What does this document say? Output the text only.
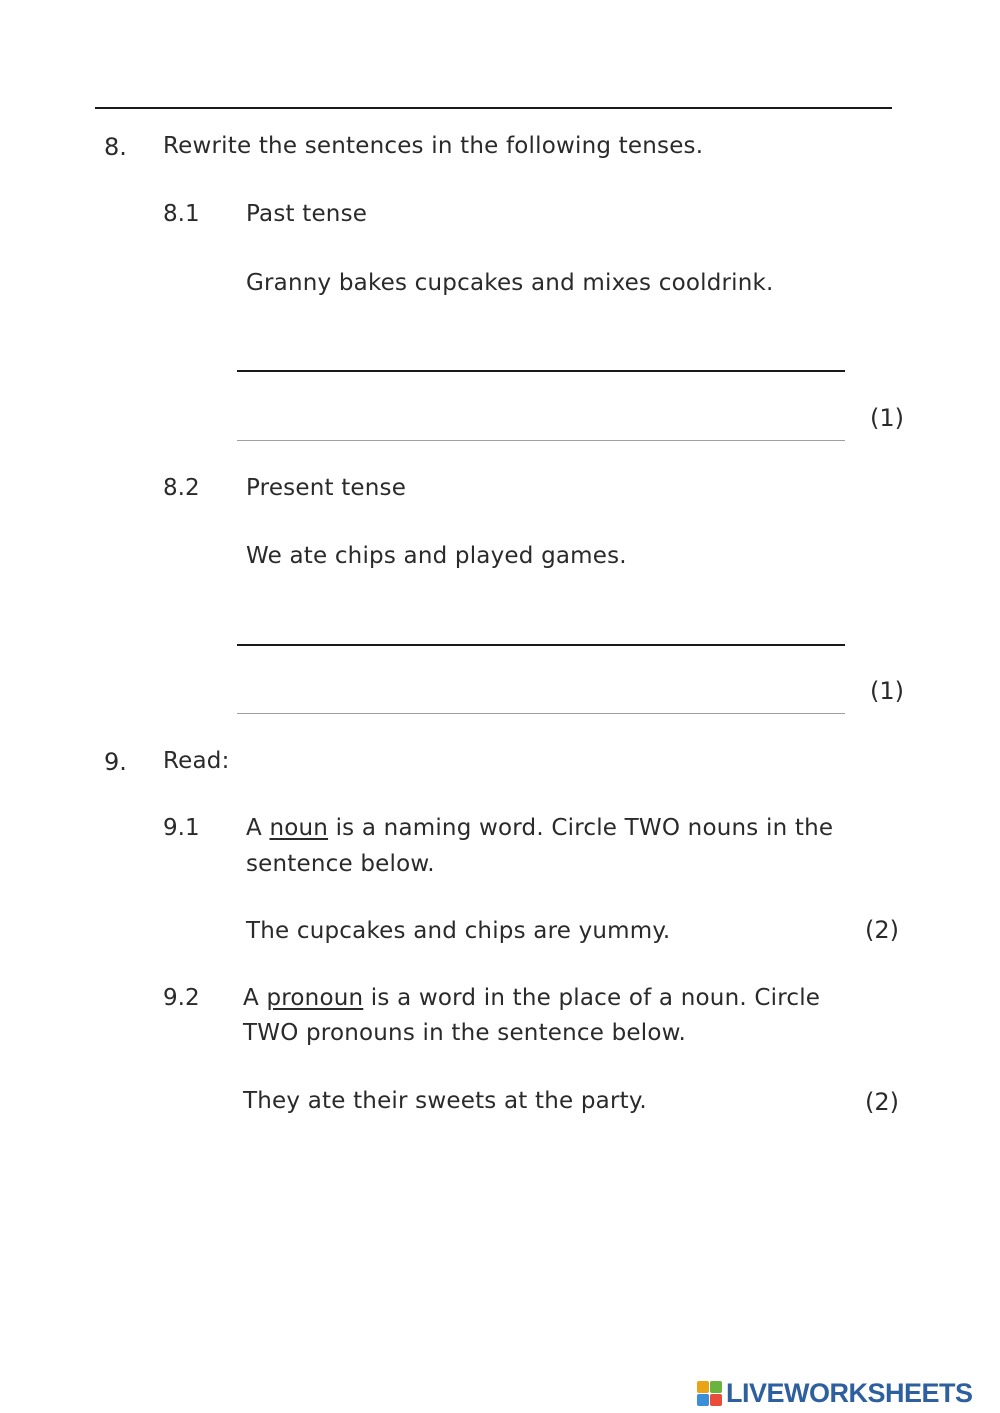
8. Rewrite the sentences in the following tenses.
8.1 Past tense
Granny bakes cupcakes and mixes cooldrink.
(1)
8.2 Present tense
We ate chips and played games.
(1)
9. Read:
9.1 A noun is a naming word. Circle TWO nouns in the
sentence below.
The cupcakes and chips are yummy.	(2)
9.2 A pronoun is a word in the place of a noun. Circle
TWO pronouns in the sentence below.
They ate their sweets at the party.	(2)
LIVEWORKSHEETS
